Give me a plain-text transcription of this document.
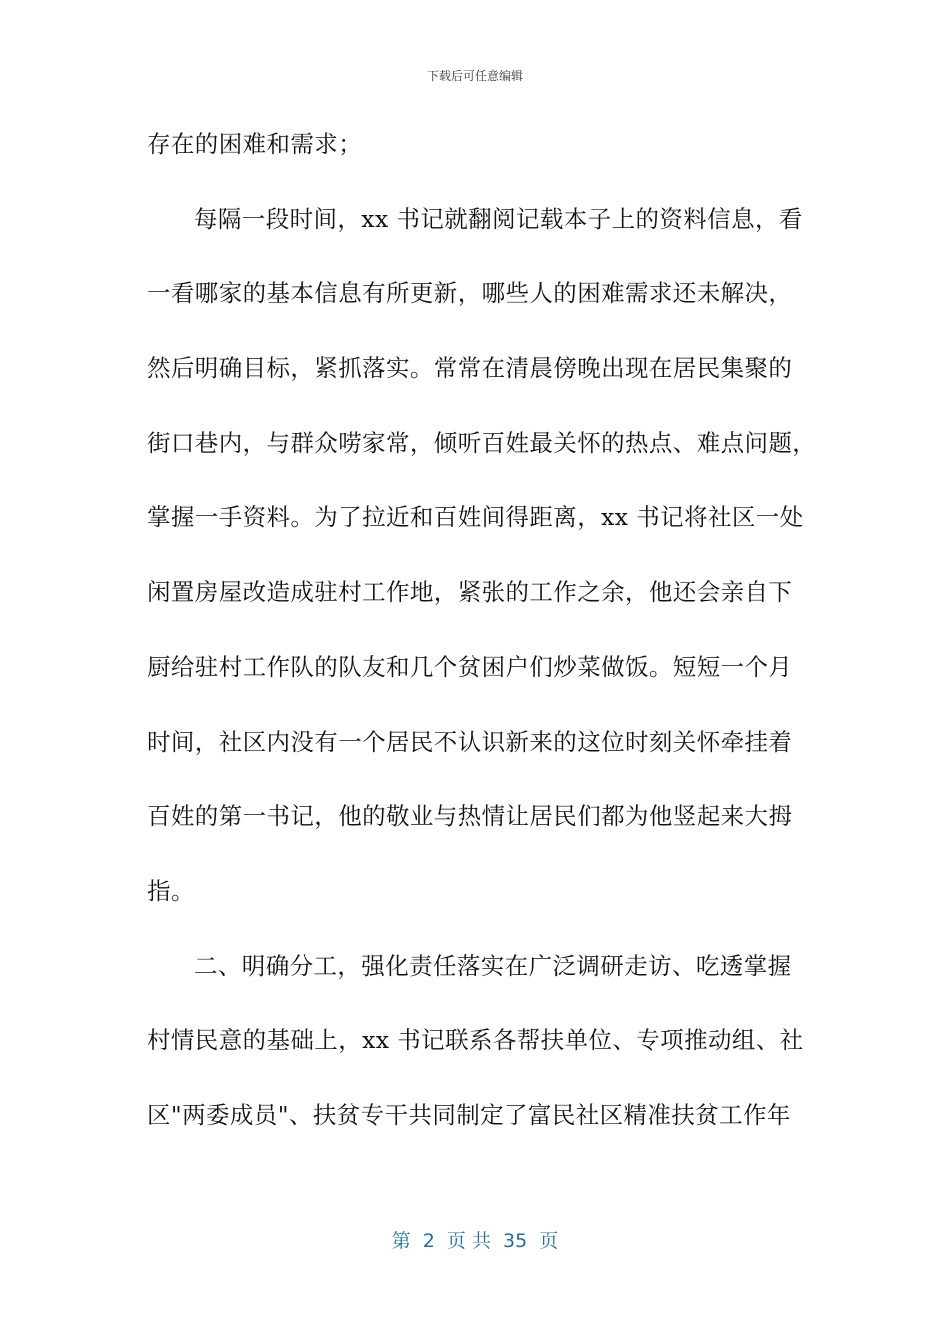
下载后可任意编辑
存在的困难和需求；
每隔一段时间，xx 书记就翻阅记载本子上的资料信息，看
一看哪家的基本信息有所更新，哪些人的困难需求还未解决，
然后明确目标，紧抓落实。常常在清晨傍晚出现在居民集聚的
街口巷内，与群众唠家常，倾听百姓最关怀的热点、难点问题，
掌握一手资料。为了拉近和百姓间得距离，xx 书记将社区一处
闲置房屋改造成驻村工作地，紧张的工作之余，他还会亲自下
厨给驻村工作队的队友和几个贫困户们炒菜做饭。短短一个月
时间，社区内没有一个居民不认识新来的这位时刻关怀牵挂着
百姓的第一书记，他的敬业与热情让居民们都为他竖起来大拇
指。
二、明确分工，强化责任落实在广泛调研走访、吃透掌握
村情民意的基础上，xx 书记联系各帮扶单位、专项推动组、社
区"两委成员"、扶贫专干共同制定了富民社区精准扶贫工作年
第  2  页 共  35  页
